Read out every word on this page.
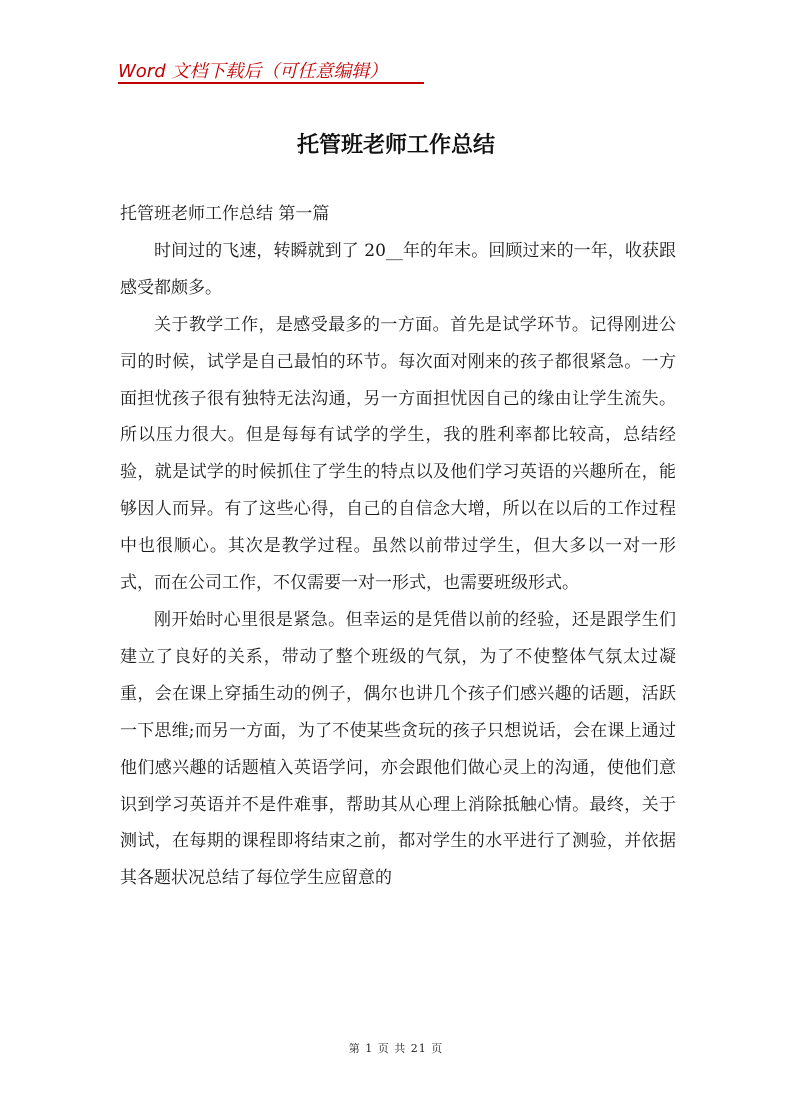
Word 文档下载后（可任意编辑）
托管班老师工作总结

托管班老师工作总结 第一篇

时间过的飞速，转瞬就到了 20__年的年末。回顾过来的一年，收获跟感受都颇多。

关于教学工作，是感受最多的一方面。首先是试学环节。记得刚进公司的时候，试学是自己最怕的环节。每次面对刚来的孩子都很紧急。一方面担忧孩子很有独特无法沟通，另一方面担忧因自己的缘由让学生流失。所以压力很大。但是每每有试学的学生，我的胜利率都比较高，总结经验，就是试学的时候抓住了学生的特点以及他们学习英语的兴趣所在，能够因人而异。有了这些心得，自己的自信念大增，所以在以后的工作过程中也很顺心。其次是教学过程。虽然以前带过学生，但大多以一对一形式，而在公司工作，不仅需要一对一形式，也需要班级形式。

刚开始时心里很是紧急。但幸运的是凭借以前的经验，还是跟学生们建立了良好的关系，带动了整个班级的气氛，为了不使整体气氛太过凝重，会在课上穿插生动的例子，偶尔也讲几个孩子们感兴趣的话题，活跃一下思维;而另一方面，为了不使某些贪玩的孩子只想说话，会在课上通过他们感兴趣的话题植入英语学问，亦会跟他们做心灵上的沟通，使他们意识到学习英语并不是件难事，帮助其从心理上消除抵触心情。最终，关于测试，在每期的课程即将结束之前，都对学生的水平进行了测验，并依据其各题状况总结了每位学生应留意的

第 1 页 共 21 页
